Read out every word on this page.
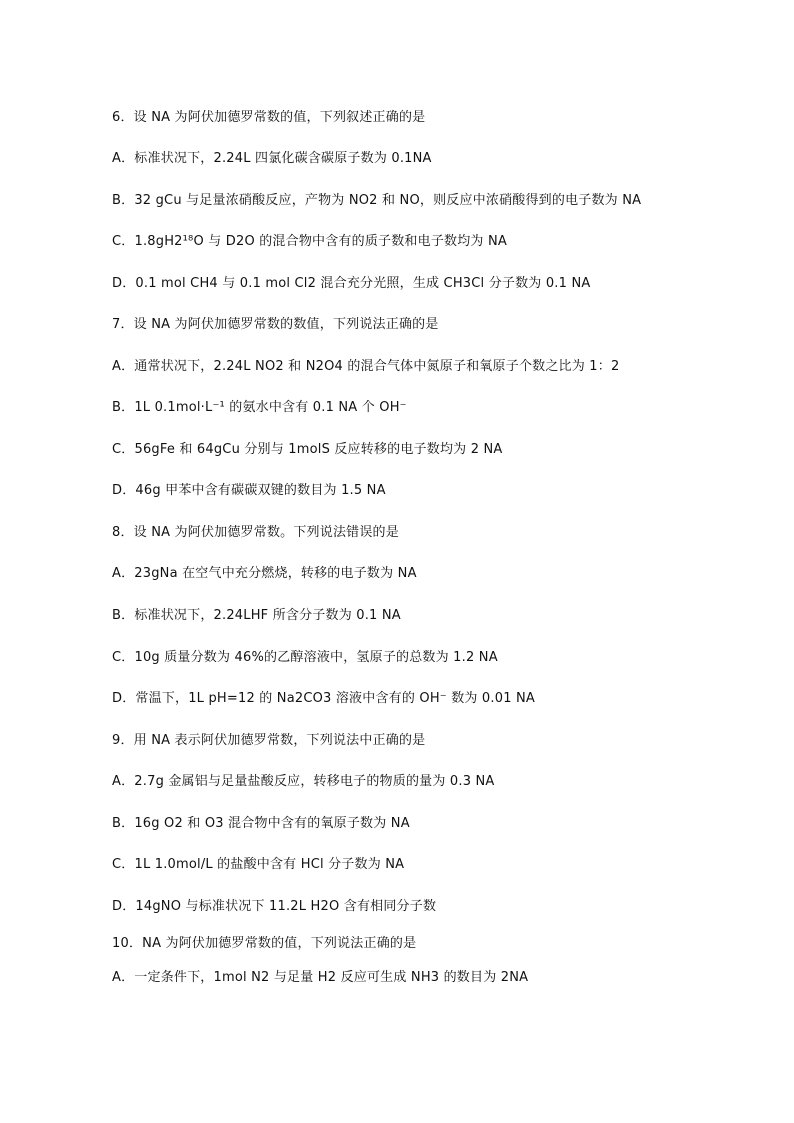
6．设 NA 为阿伏加德罗常数的值，下列叙述正确的是
A．标准状况下，2.24L 四氯化碳含碳原子数为 0.1NA
B．32 gCu 与足量浓硝酸反应，产物为 NO2 和 NO，则反应中浓硝酸得到的电子数为 NA
C．1.8gH2¹⁸O 与 D2O 的混合物中含有的质子数和电子数均为 NA
D．0.1 mol CH4 与 0.1 mol Cl2 混合充分光照，生成 CH3Cl 分子数为 0.1 NA
7．设 NA 为阿伏加德罗常数的数值，下列说法正确的是
A．通常状况下，2.24L NO2 和 N2O4 的混合气体中氮原子和氧原子个数之比为 1：2
B．1L 0.1mol·L⁻¹ 的氨水中含有 0.1 NA 个 OH⁻
C．56gFe 和 64gCu 分别与 1molS 反应转移的电子数均为 2 NA
D．46g 甲苯中含有碳碳双键的数目为 1.5 NA
8．设 NA 为阿伏加德罗常数。下列说法错误的是
A．23gNa 在空气中充分燃烧，转移的电子数为 NA
B．标准状况下，2.24LHF 所含分子数为 0.1 NA
C．10g 质量分数为 46%的乙醇溶液中，氢原子的总数为 1.2 NA
D．常温下，1L pH=12 的 Na2CO3 溶液中含有的 OH⁻ 数为 0.01 NA
9．用 NA 表示阿伏加德罗常数，下列说法中正确的是
A．2.7g 金属铝与足量盐酸反应，转移电子的物质的量为 0.3 NA
B．16g O2 和 O3 混合物中含有的氧原子数为 NA
C．1L 1.0mol/L 的盐酸中含有 HCl 分子数为 NA
D．14gNO 与标准状况下 11.2L H2O 含有相同分子数
10．NA 为阿伏加德罗常数的值，下列说法正确的是
A．一定条件下，1mol N2 与足量 H2 反应可生成 NH3 的数目为 2NA
